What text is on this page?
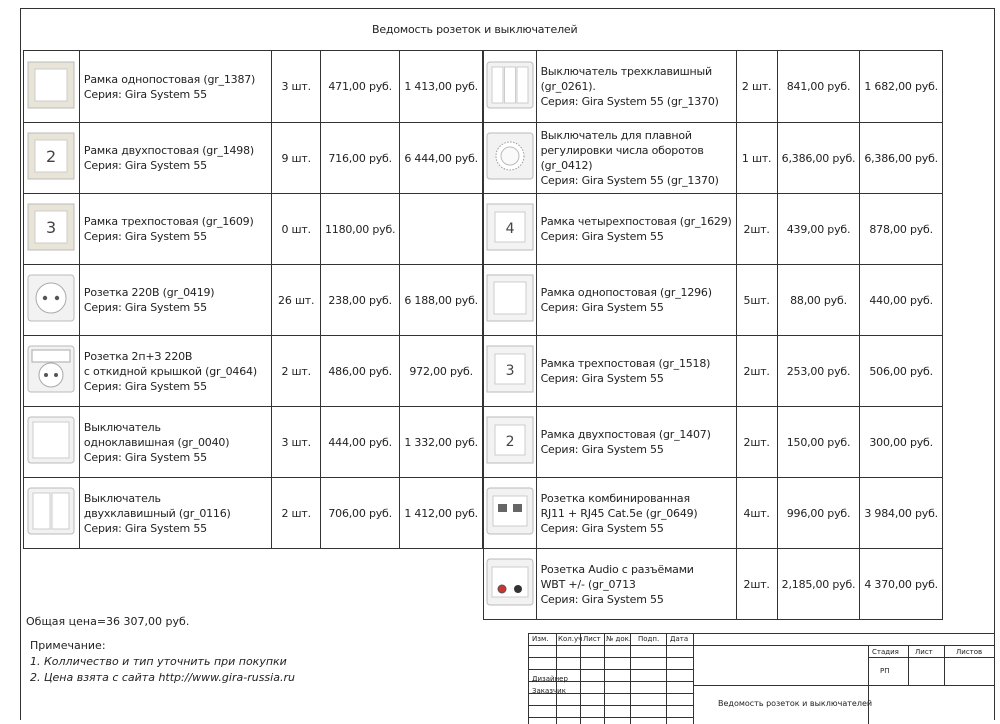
Ведомость розеток и выключателей

Рамка однопостовая (gr_1387)
Серия: Gira System 55	3 шт.	471,00 руб.	1 413,00 руб.

2	Рамка двухпостовая (gr_1498)
Серия: Gira System 55	9 шт.	716,00 руб.	6 444,00 руб.

3	Рамка трехпостовая (gr_1609)
Серия: Gira System 55	0 шт.	1180,00 руб.	

Розетка 220В (gr_0419)
Серия: Gira System 55	26 шт.	238,00 руб.	6 188,00 руб.

Розетка 2п+З 220В
с откидной крышкой (gr_0464)
Серия: Gira System 55	2 шт.	486,00 руб.	972,00 руб.

Выключатель
одноклавишная (gr_0040)
Серия: Gira System 55	3 шт.	444,00 руб.	1 332,00 руб.

Выключатель
двухклавишный (gr_0116)
Серия: Gira System 55	2 шт.	706,00 руб.	1 412,00 руб.

Выключатель трехклавишный
(gr_0261).
Серия: Gira System 55 (gr_1370)	2 шт.	841,00 руб.	1 682,00 руб.

Выключатель для плавной
регулировки числа оборотов
(gr_0412)
Серия: Gira System 55 (gr_1370)	1 шт.	6,386,00 руб.	6,386,00 руб.

4	Рамка четырехпостовая (gr_1629)
Серия: Gira System 55	2шт.	439,00 руб.	878,00 руб.

Рамка однопостовая (gr_1296)
Серия: Gira System 55	5шт.	88,00 руб.	440,00 руб.

3	Рамка трехпостовая (gr_1518)
Серия: Gira System 55	2шт.	253,00 руб.	506,00 руб.

2	Рамка двухпостовая (gr_1407)
Серия: Gira System 55	2шт.	150,00 руб.	300,00 руб.

Розетка комбинированная
RJ11 + RJ45 Cat.5e (gr_0649)
Серия: Gira System 55	4шт.	996,00 руб.	3 984,00 руб.

Розетка Audio с разъёмами
WBT +/- (gr_0713
Серия: Gira System 55	2шт.	2,185,00 руб.	4 370,00 руб.
Общая цена=36 307,00 руб.
Примечание:
1. Колличество и тип уточнить при покупки
2. Цена взята с сайта http://www.gira-russia.ru
Изм. Кол.уч Лист № док. Подп. Дата
Дизайнер
Заказчик
Стадия Лист	Листов
РП
Ведомость розеток и выключателей
